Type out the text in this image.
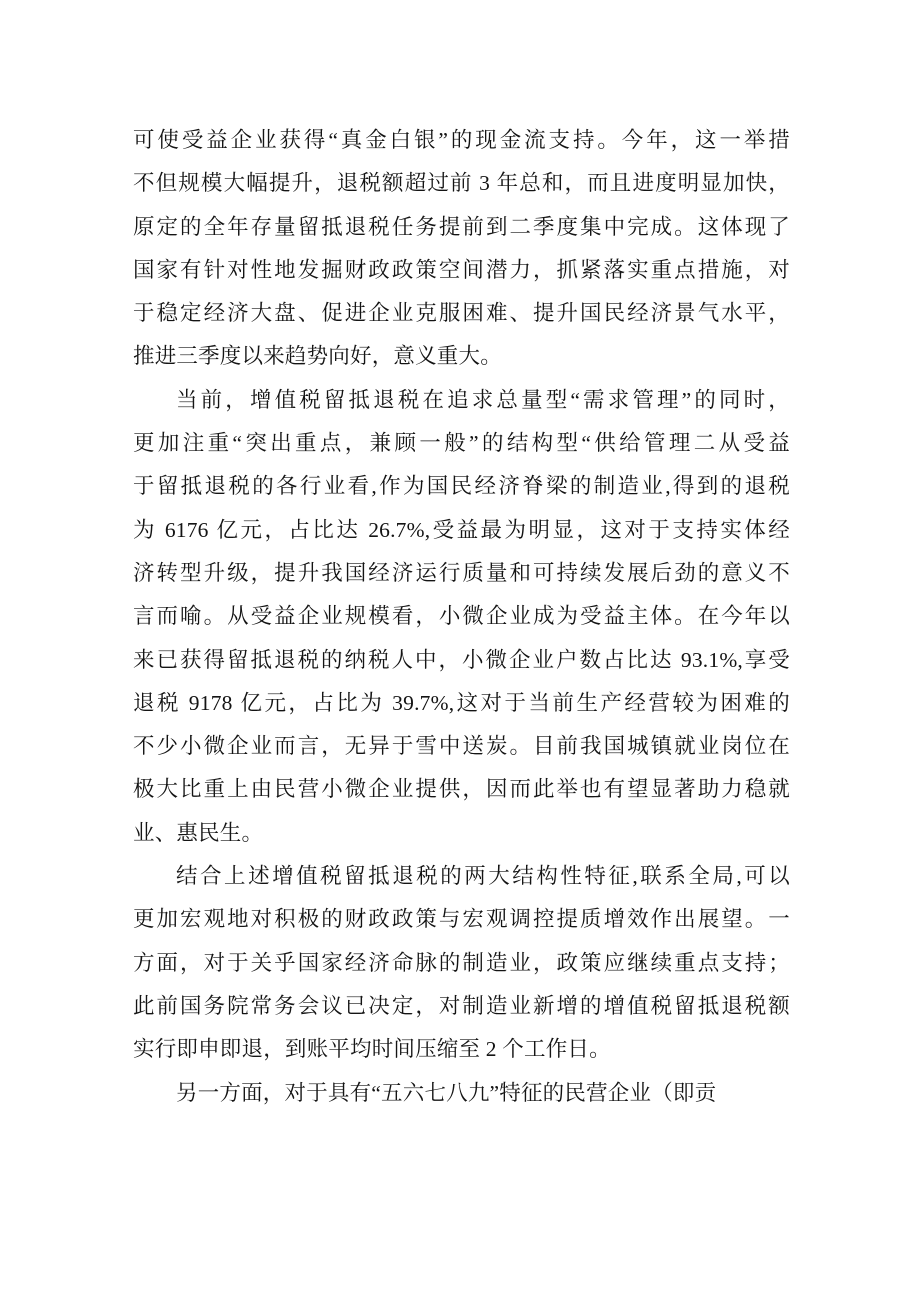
可使受益企业获得“真金白银”的现金流支持。今年，这一举措
不但规模大幅提升，退税额超过前 3 年总和，而且进度明显加快，
原定的全年存量留抵退税任务提前到二季度集中完成。这体现了
国家有针对性地发掘财政政策空间潜力，抓紧落实重点措施，对
于稳定经济大盘、促进企业克服困难、提升国民经济景气水平，
推进三季度以来趋势向好，意义重大。
当前，增值税留抵退税在追求总量型“需求管理”的同时，
更加注重“突出重点，兼顾一般”的结构型“供给管理二从受益
于留抵退税的各行业看,作为国民经济脊梁的制造业,得到的退税
为 6176 亿元，占比达 26.7%,受益最为明显，这对于支持实体经
济转型升级，提升我国经济运行质量和可持续发展后劲的意义不
言而喻。从受益企业规模看，小微企业成为受益主体。在今年以
来已获得留抵退税的纳税人中，小微企业户数占比达 93.1%,享受
退税 9178 亿元，占比为 39.7%,这对于当前生产经营较为困难的
不少小微企业而言，无异于雪中送炭。目前我国城镇就业岗位在
极大比重上由民营小微企业提供，因而此举也有望显著助力稳就
业、惠民生。
结合上述增值税留抵退税的两大结构性特征,联系全局,可以
更加宏观地对积极的财政政策与宏观调控提质增效作出展望。一
方面，对于关乎国家经济命脉的制造业，政策应继续重点支持；
此前国务院常务会议已决定，对制造业新增的增值税留抵退税额
实行即申即退，到账平均时间压缩至 2 个工作日。
另一方面，对于具有“五六七八九”特征的民营企业（即贡
